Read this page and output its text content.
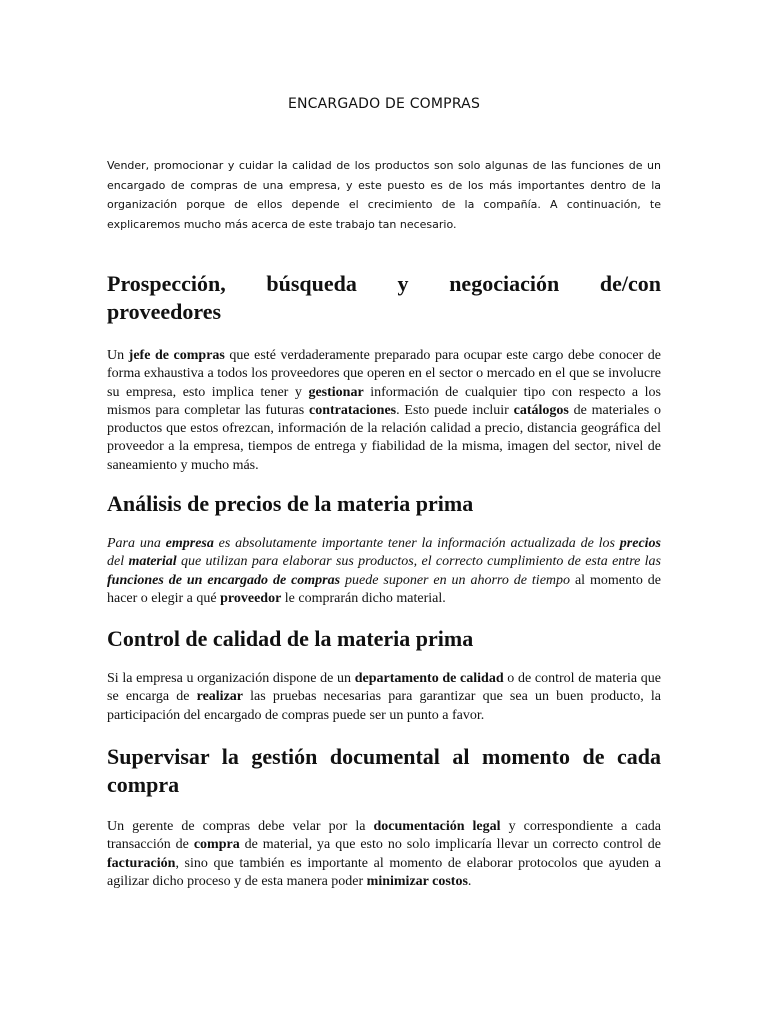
ENCARGADO DE COMPRAS

Vender, promocionar y cuidar la calidad de los productos son solo algunas de las funciones de un encargado de compras de una empresa, y este puesto es de los más importantes dentro de la organización porque de ellos depende el crecimiento de la compañía. A continuación, te explicaremos mucho más acerca de este trabajo tan necesario.

Prospección, búsqueda y negociación de/con
proveedores

Un jefe de compras que esté verdaderamente preparado para ocupar este cargo debe conocer de forma exhaustiva a todos los proveedores que operen en el sector o mercado en el que se involucre su empresa, esto implica tener y gestionar información de cualquier tipo con respecto a los mismos para completar las futuras contrataciones. Esto puede incluir catálogos de materiales o productos que estos ofrezcan, información de la relación calidad a precio, distancia geográfica del proveedor a la empresa, tiempos de entrega y fiabilidad de la misma, imagen del sector, nivel de saneamiento y mucho más.

Análisis de precios de la materia prima

Para una empresa es absolutamente importante tener la información actualizada de los precios del material que utilizan para elaborar sus productos, el correcto cumplimiento de esta entre las funciones de un encargado de compras puede suponer en un ahorro de tiempo al momento de hacer o elegir a qué proveedor le comprarán dicho material.

Control de calidad de la materia prima

Si la empresa u organización dispone de un departamento de calidad o de control de materia que se encarga de realizar las pruebas necesarias para garantizar que sea un buen producto, la participación del encargado de compras puede ser un punto a favor.

Supervisar la gestión documental al momento de cada compra

Un gerente de compras debe velar por la documentación legal y correspondiente a cada transacción de compra de material, ya que esto no solo implicaría llevar un correcto control de facturación, sino que también es importante al momento de elaborar protocolos que ayuden a agilizar dicho proceso y de esta manera poder minimizar costos.
